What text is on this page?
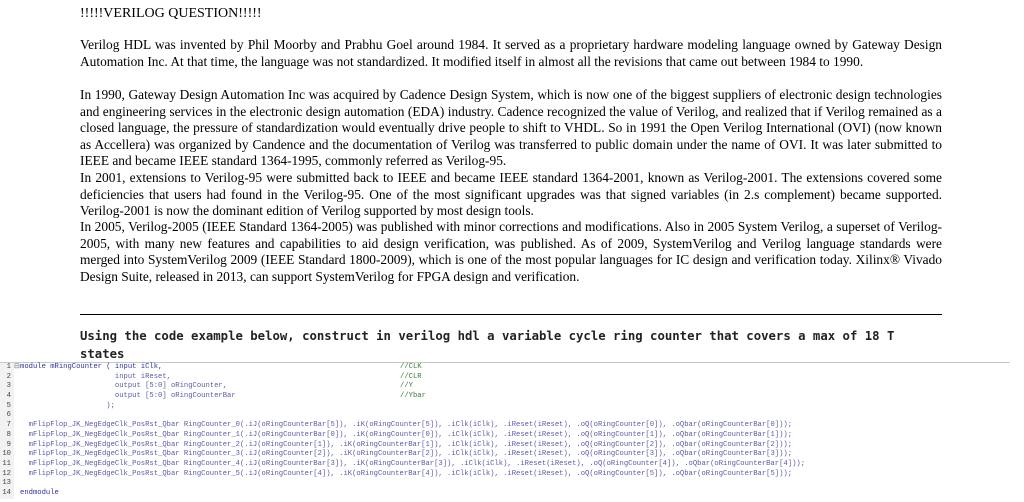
!!!!!VERILOG QUESTION!!!!!

Verilog HDL was invented by Phil Moorby and Prabhu Goel around 1984. It served as a proprietary hardware modeling language owned by Gateway Design Automation Inc. At that time, the language was not standardized. It modified itself in almost all the revisions that came out between 1984 to 1990.

In 1990, Gateway Design Automation Inc was acquired by Cadence Design System, which is now one of the biggest suppliers of electronic design technologies and engineering services in the electronic design automation (EDA) industry. Cadence recognized the value of Verilog, and realized that if Verilog remained as a closed language, the pressure of standardization would eventually drive people to shift to VHDL. So in 1991 the Open Verilog International (OVI) (now known as Accellera) was organized by Candence and the documentation of Verilog was transferred to public domain under the name of OVI. It was later submitted to IEEE and became IEEE standard 1364-1995, commonly referred as Verilog-95.

In 2001, extensions to Verilog-95 were submitted back to IEEE and became IEEE standard 1364-2001, known as Verilog-2001. The extensions covered some deficiencies that users had found in the Verilog-95. One of the most significant upgrades was that signed variables (in 2.s complement) became supported. Verilog-2001 is now the dominant edition of Verilog supported by most design tools.

In 2005, Verilog-2005 (IEEE Standard 1364-2005) was published with minor corrections and modifications. Also in 2005 System Verilog, a superset of Verilog-2005, with many new features and capabilities to aid design verification, was published. As of 2009, SystemVerilog and Verilog language standards were merged into SystemVerilog 2009 (IEEE Standard 1800-2009), which is one of the most popular languages for IC design and verification today. Xilinx® Vivado Design Suite, released in 2013, can support SystemVerilog for FPGA design and verification.

Using the code example below, construct in verilog hdl a variable cycle ring counter that covers a max of 18 T states
1 ⊟module mRingCounter ( input iClk,	//CLK
2                      input iReset,	//CLR
3                      output [5:0] oRingCounter,	//Y
4                      output [5:0] oRingCounterBar	//Ybar
5                    );
6
7  mFlipFlop_JK_NegEdgeClk_PosRst_Qbar RingCounter_0(.iJ(oRingCounterBar[5]), .iK(oRingCounter[5]), .iClk(iClk), .iReset(iReset), .oQ(oRingCounter[0]), .oQbar(oRingCounterBar[0]));
8  mFlipFlop_JK_NegEdgeClk_PosRst_Qbar RingCounter_1(.iJ(oRingCounterBar[0]), .iK(oRingCounter[0]), .iClk(iClk), .iReset(iReset), .oQ(oRingCounter[1]), .oQbar(oRingCounterBar[1]));
9  mFlipFlop_JK_NegEdgeClk_PosRst_Qbar RingCounter_2(.iJ(oRingCounter[1]), .iK(oRingCounterBar[1]), .iClk(iClk), .iReset(iReset), .oQ(oRingCounter[2]), .oQbar(oRingCounterBar[2]));
10  mFlipFlop_JK_NegEdgeClk_PosRst_Qbar RingCounter_3(.iJ(oRingCounter[2]), .iK(oRingCounterBar[2]), .iClk(iClk), .iReset(iReset), .oQ(oRingCounter[3]), .oQbar(oRingCounterBar[3]));
11  mFlipFlop_JK_NegEdgeClk_PosRst_Qbar RingCounter_4(.iJ(oRingCounterBar[3]), .iK(oRingCounterBar[3]), .iClk(iClk), .iReset(iReset), .oQ(oRingCounter[4]), .oQbar(oRingCounterBar[4]));
12  mFlipFlop_JK_NegEdgeClk_PosRst_Qbar RingCounter_5(.iJ(oRingCounter[4]), .iK(oRingCounterBar[4]), .iClk(iClk), .iReset(iReset), .oQ(oRingCounter[5]), .oQbar(oRingCounterBar[5]));
13
14 endmodule
